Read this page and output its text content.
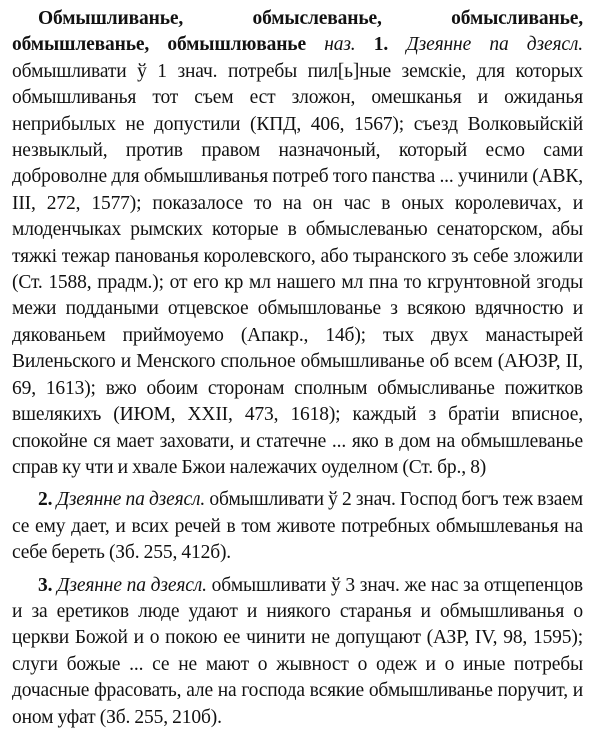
Обмышливанье, обмыслеванье, обмысливанье, обмышлеванье, обмышлюванье наз. 1. Дзеянне па дзеясл. обмышливати ў 1 знач. потребы пил[ь]ные земскіе, для которых обмышливанья тот съем ест зложон, омешканья и ожиданья неприбылых не допустили (КПД, 406, 1567); съезд Волковыйскій незвыклый, против правом назначоный, который есмо сами доброволне для обмышливанья потреб того панства ... учинили (АВК, III, 272, 1577); показалосе то на он час в оных королевичах, и млоденчыках рымских которые в обмыслеванью сенаторском, абы тяжкі тежар панованья королевского, або тыранского зъ себе зложили (Ст. 1588, прадм.); от его кр мл нашего мл пна то кгрунтовной згоды межи поддаными отцевское обмышлованье з всякою вдячностю и дякованьем приймоуемо (Апакр., 14б); тых двух манастырей Виленьского и Менского спольное обмышливанье об всем (АЮЗР, II, 69, 1613); вжо обоим сторонам сполным обмысливанье пожитков вшелякихъ (ИЮМ, XXII, 473, 1618); каждый з братіи вписное, спокойне ся мает заховати, и статечне ... яко в дом на обмышлеванье справ ку чти и хвале Бжои належачих оуделном (Ст. бр., 8)

2. Дзеянне па дзеясл. обмышливати ў 2 знач. Господ богъ теж взаем се ему дает, и всих речей в том животе потребных обмышлеванья на себе береть (Зб. 255, 412б).

3. Дзеянне па дзеясл. обмышливати ў 3 знач. же нас за отщепенцов и за еретиков люде удают и ниякого старанья и обмышливанья о церкви Божой и о покою ее чинити не допущают (АЗР, IV, 98, 1595); слуги божые ... се не мают о жывност о одеж и о иные потребы дочасные фрасовать, але на господа всякие обмышливанье поручит, и оном уфат (Зб. 255, 210б).
